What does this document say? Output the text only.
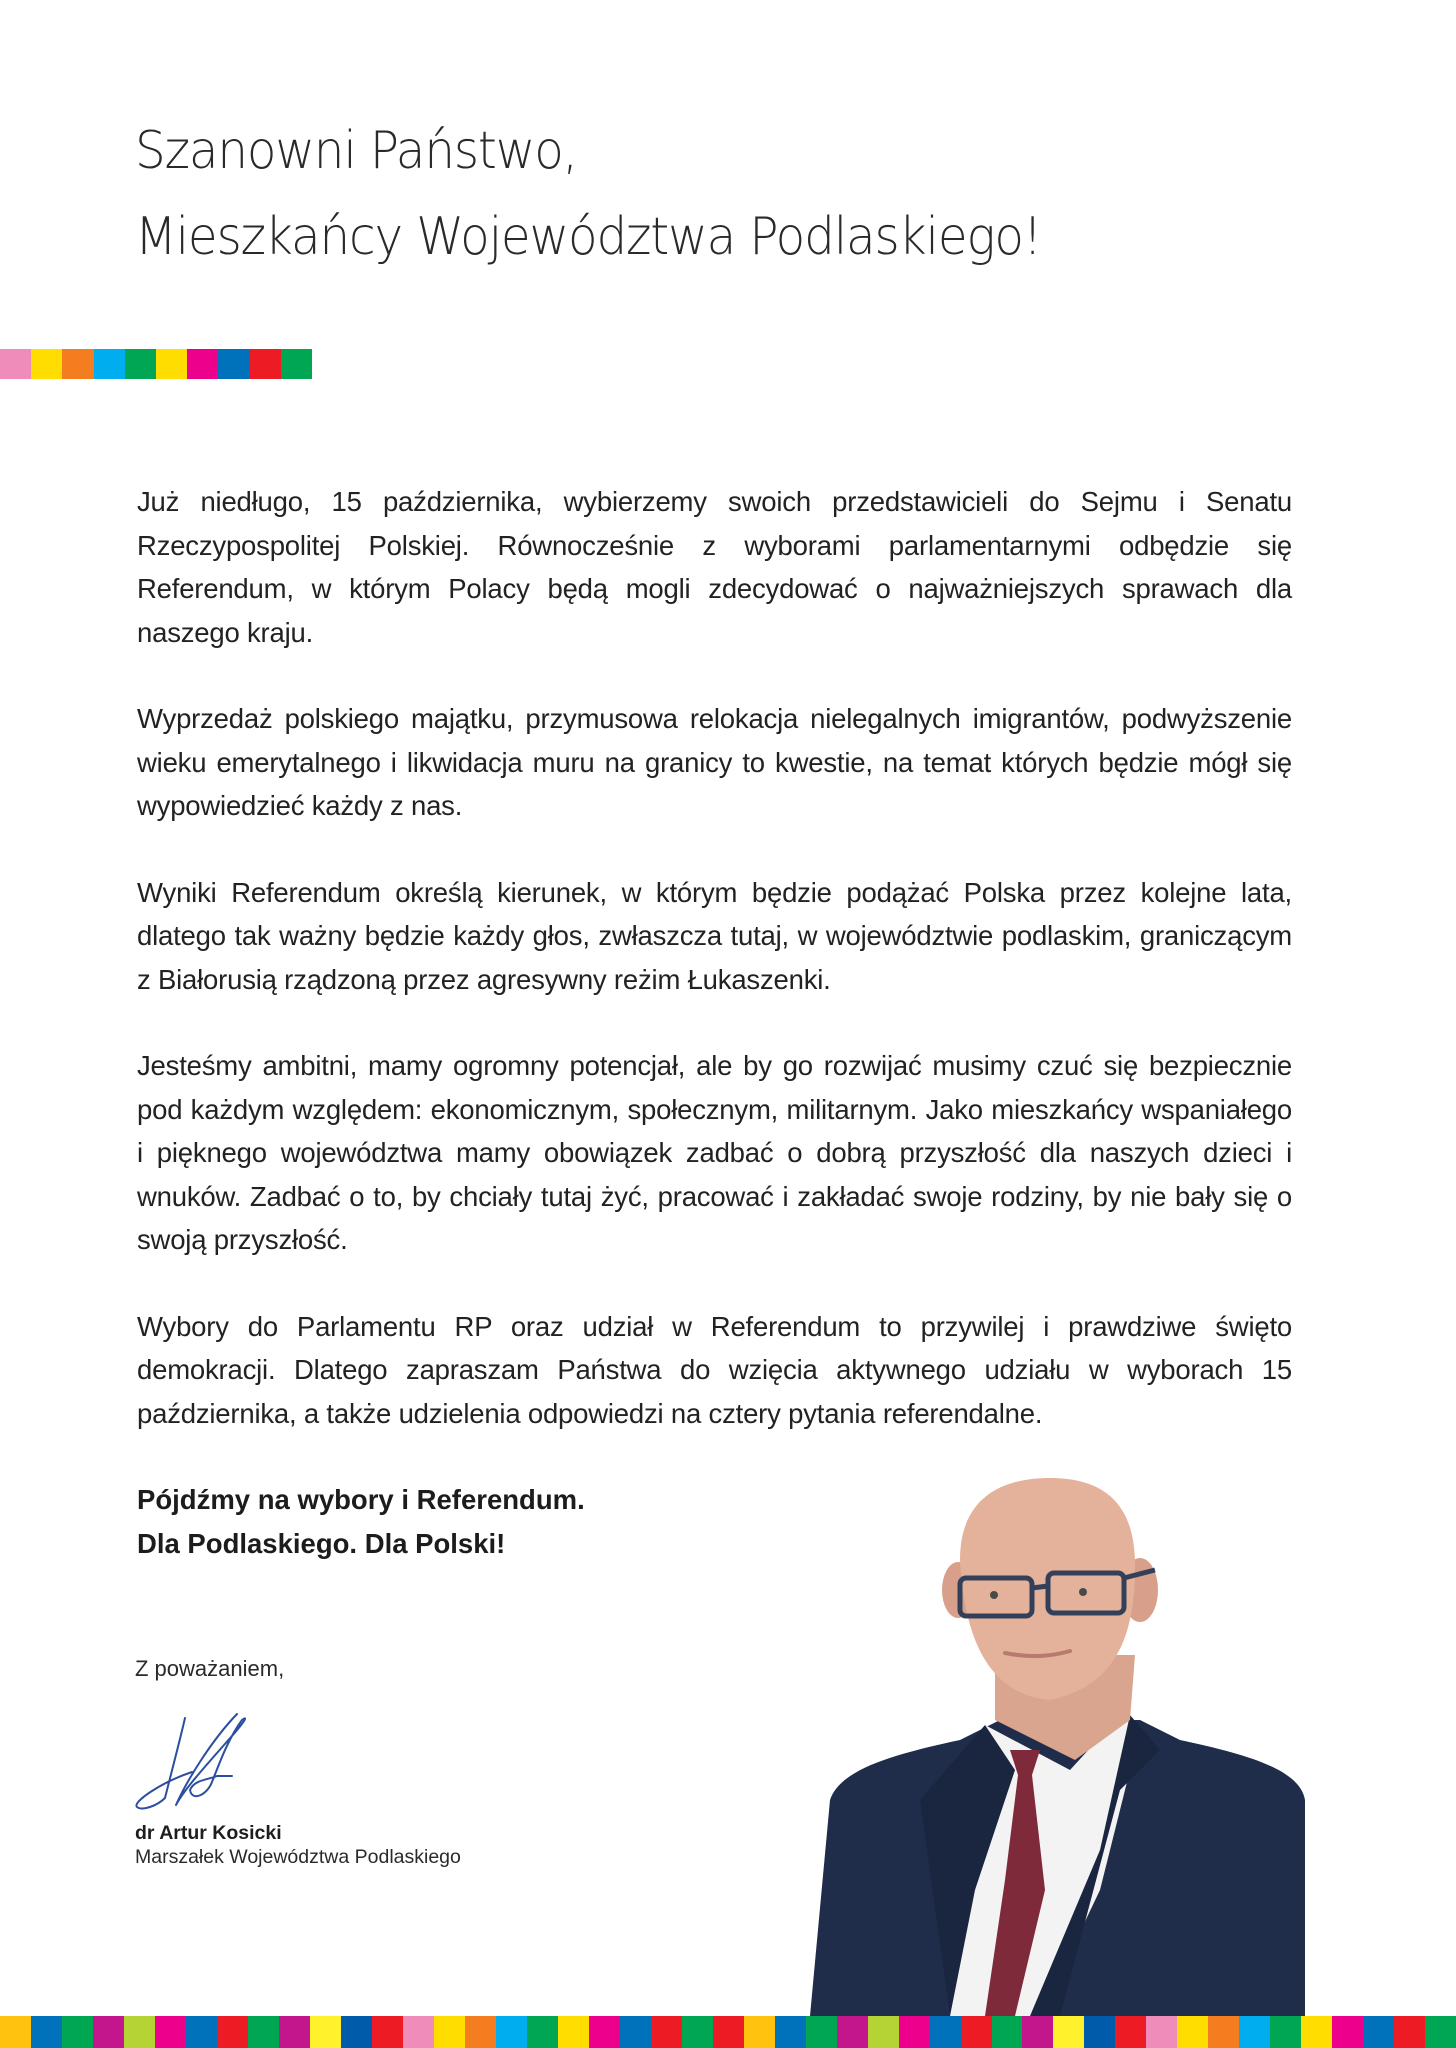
Szanowni Państwo,
Mieszkańcy Województwa Podlaskiego!

Już niedługo, 15 października, wybierzemy swoich przedstawicieli do Sejmu i Senatu Rzeczypospolitej Polskiej. Równocześnie z wyborami parlamentarnymi odbędzie się Referendum, w którym Polacy będą mogli zdecydować o najważniejszych sprawach dla naszego kraju.

Wyprzedaż polskiego majątku, przymusowa relokacja nielegalnych imigrantów, podwyższenie wieku emerytalnego i likwidacja muru na granicy to kwestie, na temat których będzie mógł się wypowiedzieć każdy z nas.

Wyniki Referendum określą kierunek, w którym będzie podążać Polska przez kolejne lata, dlatego tak ważny będzie każdy głos, zwłaszcza tutaj, w województwie podlaskim, graniczącym z Białorusią rządzoną przez agresywny reżim Łukaszenki.

Jesteśmy ambitni, mamy ogromny potencjał, ale by go rozwijać musimy czuć się bezpiecznie pod każdym względem: ekonomicznym, społecznym, militarnym. Jako mieszkańcy wspaniałego i pięknego województwa mamy obowiązek zadbać o dobrą przyszłość dla naszych dzieci i wnuków. Zadbać o to, by chciały tutaj żyć, pracować i zakładać swoje rodziny, by nie bały się o swoją przyszłość.

Wybory do Parlamentu RP oraz udział w Referendum to przywilej i prawdziwe święto demokracji. Dlatego zapraszam Państwa do wzięcia aktywnego udziału w wyborach 15 października, a także udzielenia odpowiedzi na cztery pytania referendalne.

Pójdźmy na wybory i Referendum.
Dla Podlaskiego. Dla Polski!

Z poważaniem,
dr Artur Kosicki
Marszałek Województwa Podlaskiego
